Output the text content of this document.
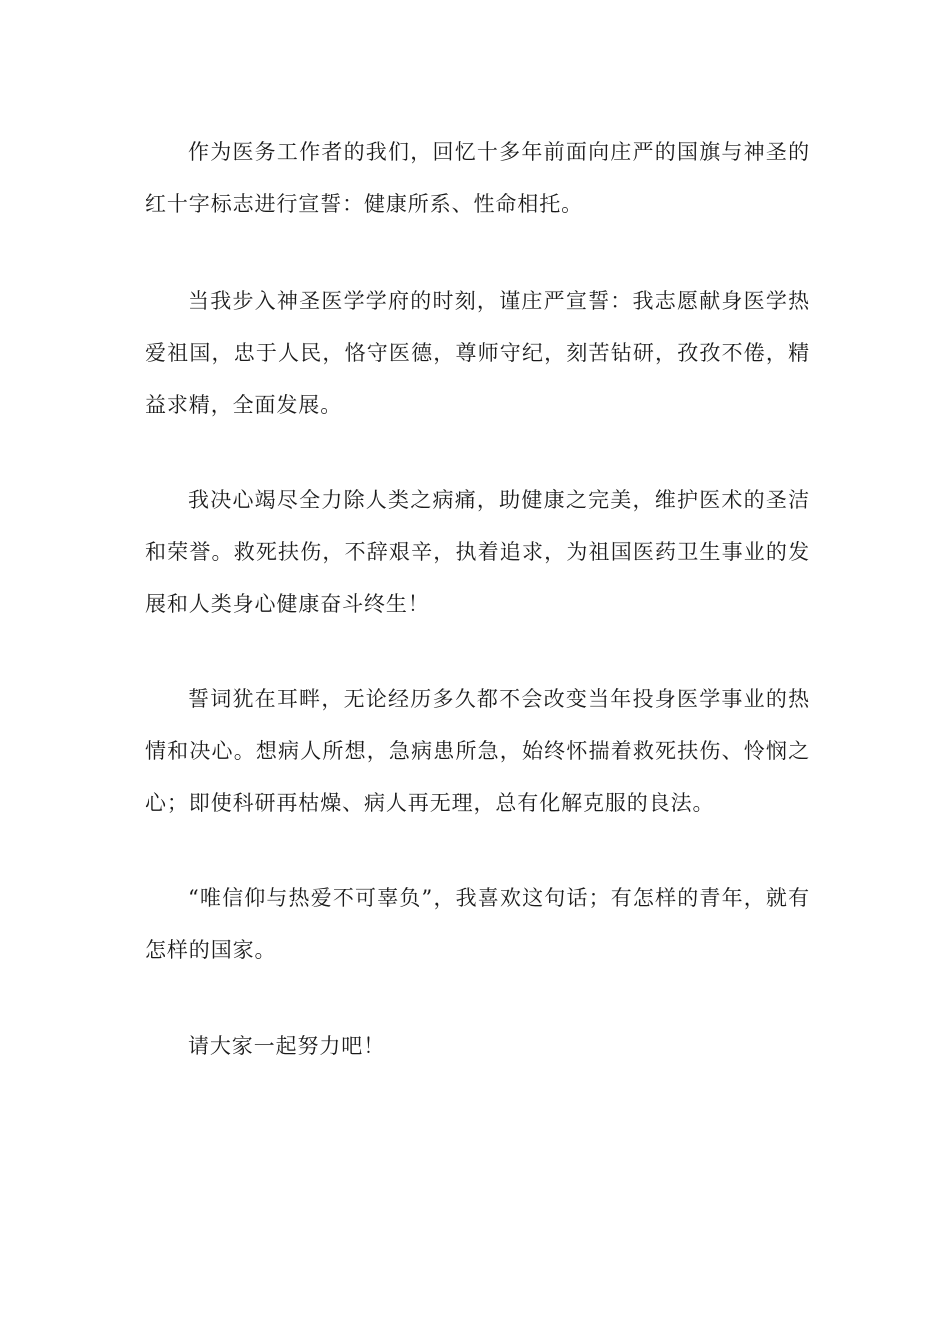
作为医务工作者的我们，回忆十多年前面向庄严的国旗与神圣的红十字标志进行宣誓：健康所系、性命相托。

当我步入神圣医学学府的时刻，谨庄严宣誓：我志愿献身医学热爱祖国，忠于人民，恪守医德，尊师守纪，刻苦钻研，孜孜不倦，精益求精，全面发展。

我决心竭尽全力除人类之病痛，助健康之完美，维护医术的圣洁和荣誉。救死扶伤，不辞艰辛，执着追求，为祖国医药卫生事业的发展和人类身心健康奋斗终生！

誓词犹在耳畔，无论经历多久都不会改变当年投身医学事业的热情和决心。想病人所想，急病患所急，始终怀揣着救死扶伤、怜悯之心；即使科研再枯燥、病人再无理，总有化解克服的良法。

“唯信仰与热爱不可辜负”，我喜欢这句话；有怎样的青年，就有怎样的国家。

请大家一起努力吧！
